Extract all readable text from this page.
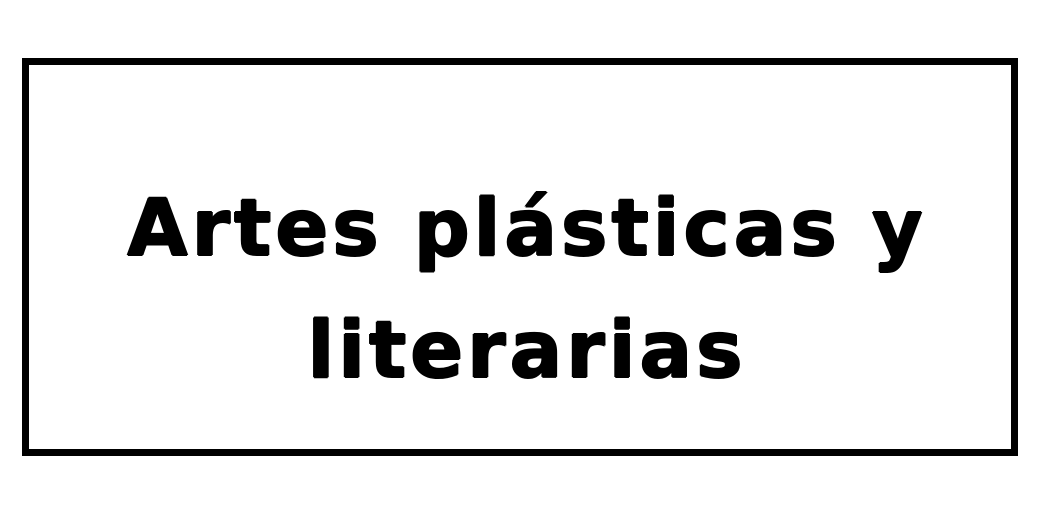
Artes plásticas y
literarias
